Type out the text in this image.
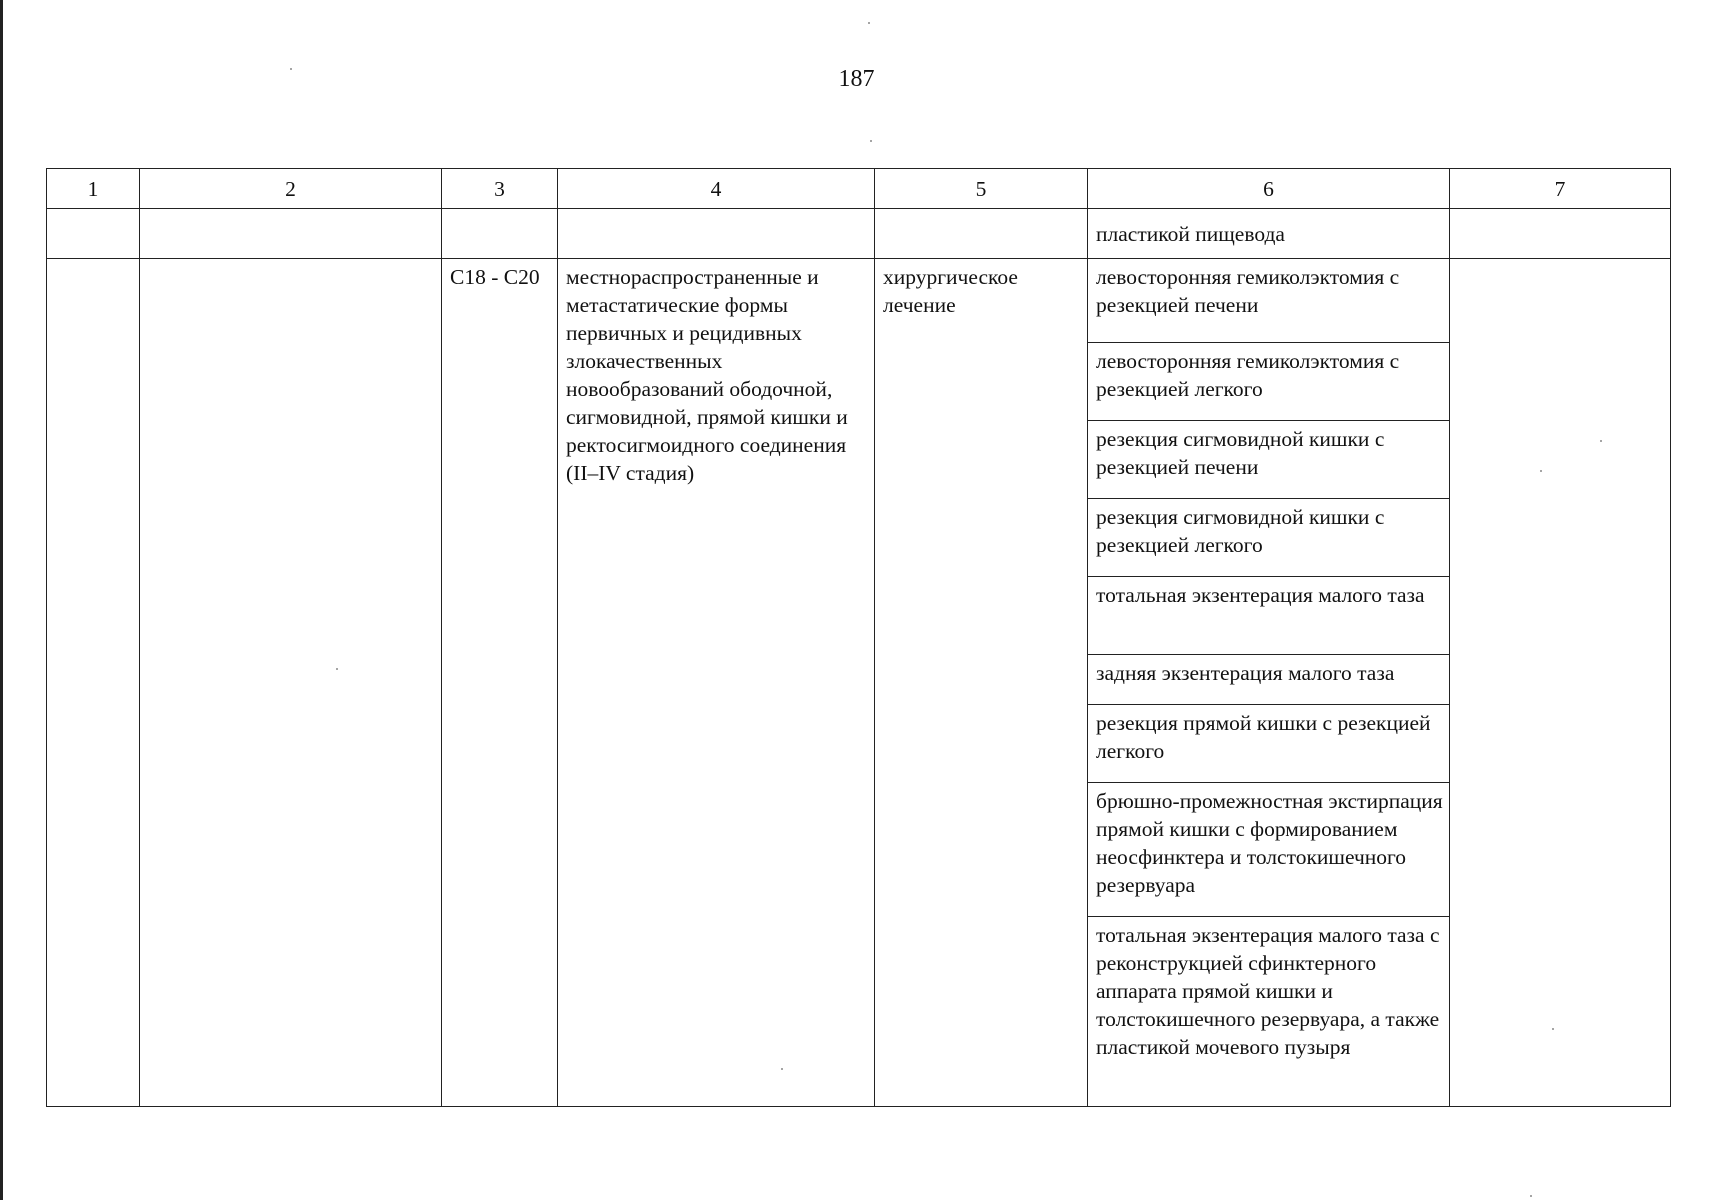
187
1	2	3	4	5	6	7
					пластикой пищевода	
		C18 - C20	местнораспространенные и метастатические формы первичных и рецидивных злокачественных новообразований ободочной, сигмовидной, прямой кишки и ректосигмоидного соединения (II–IV стадия)	хирургическое лечение	левосторонняя гемиколэктомия с резекцией печени	
					левосторонняя гемиколэктомия с резекцией легкого	
					резекция сигмовидной кишки с резекцией печени	
					резекция сигмовидной кишки с резекцией легкого	
					тотальная экзентерация малого таза	
					задняя экзентерация малого таза	
					резекция прямой кишки с резекцией легкого	
					брюшно-промежностная экстирпация прямой кишки с формированием неосфинктера и толстокишечного резервуара	
					тотальная экзентерация малого таза с реконструкцией сфинктерного аппарата прямой кишки и толстокишечного резервуара, а также пластикой мочевого пузыря	
